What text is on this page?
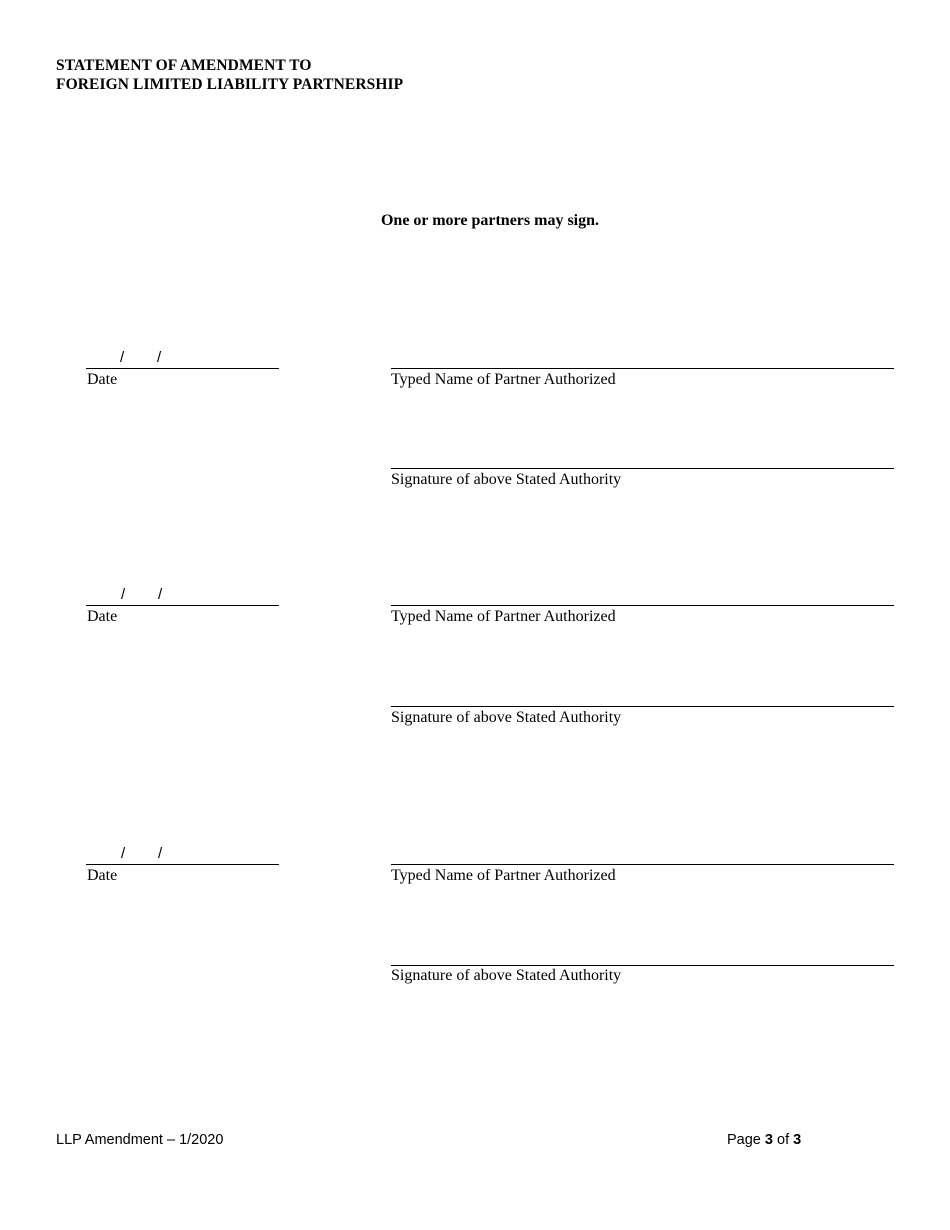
STATEMENT OF AMENDMENT TO
FOREIGN LIMITED LIABILITY PARTNERSHIP
One or more partners may sign.
/ /
Date	Typed Name of Partner Authorized
Signature of above Stated Authority
/ /
Date	Typed Name of Partner Authorized
Signature of above Stated Authority
/ /
Date	Typed Name of Partner Authorized
Signature of above Stated Authority
LLP Amendment – 1/2020	Page 3 of 3
